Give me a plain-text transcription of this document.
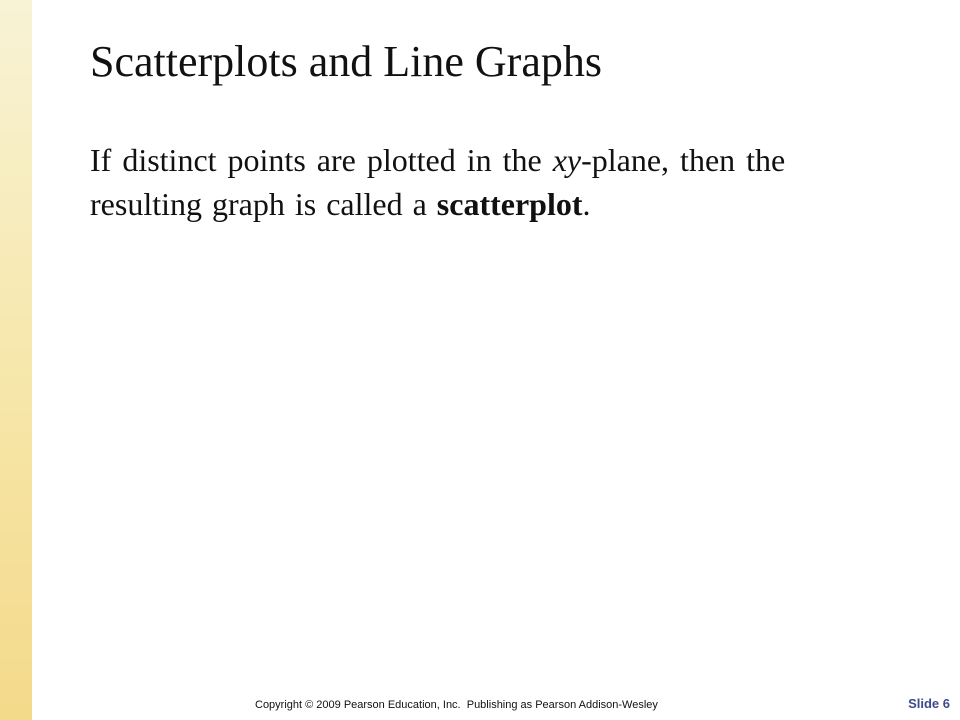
Scatterplots and Line Graphs

If distinct points are plotted in the xy-plane, then the
resulting graph is called a scatterplot.

Copyright © 2009 Pearson Education, Inc.  Publishing as Pearson Addison-Wesley	Slide 6
